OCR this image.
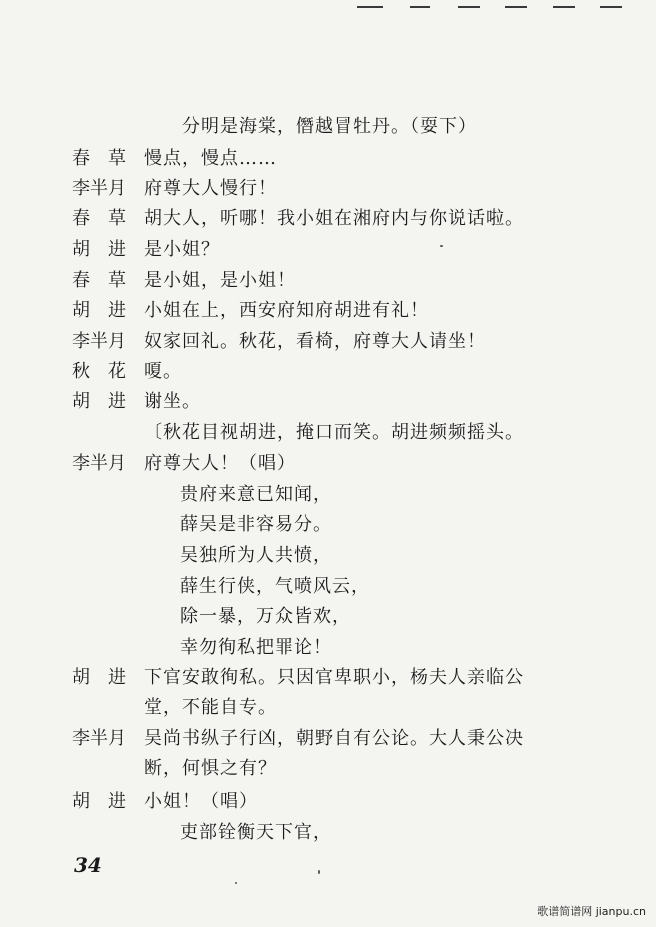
分明是海棠，僭越冒牡丹。（耍下）
春　草 慢点，慢点……
李半月 府尊大人慢行！
春　草 胡大人，听哪！我小姐在湘府内与你说话啦。
胡　进 是小姐？
春　草 是小姐，是小姐！
胡　进 小姐在上，西安府知府胡进有礼！
李半月 奴家回礼。秋花，看椅，府尊大人请坐！
秋　花 嗄。
胡　进 谢坐。
〔秋花目视胡进，掩口而笑。胡进频频摇头。
李半月 府尊大人！（唱）
贵府来意已知闻，
薛吴是非容易分。
吴独所为人共愤，
薛生行侠，气喷风云，
除一暴，万众皆欢，
幸勿徇私把罪论！
胡　进 下官安敢徇私。只因官卑职小，杨夫人亲临公
堂，不能自专。
李半月 吴尚书纵子行凶，朝野自有公论。大人秉公决
断，何惧之有？
胡　进 小姐！（唱）
吏部铨衡天下官，
34
歌谱简谱网 jianpu.cn
